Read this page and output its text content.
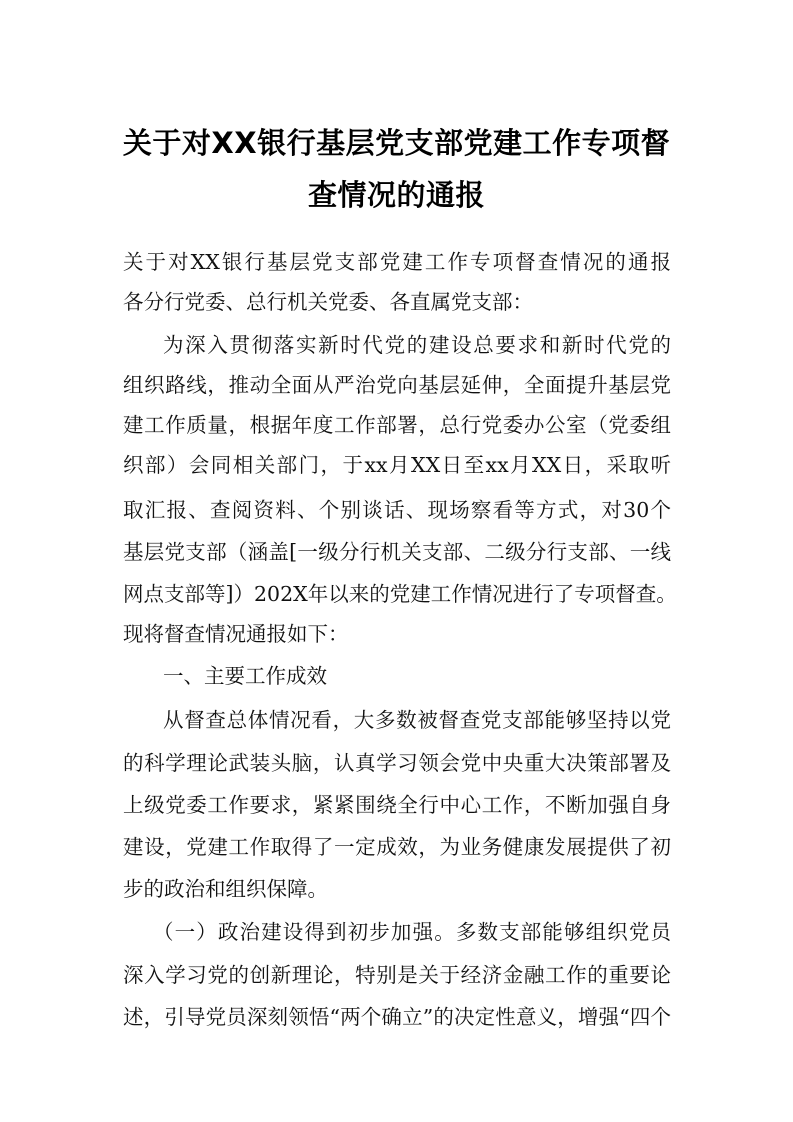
关于对XX银行基层党支部党建工作专项督
查情况的通报

关于对XX银行基层党支部党建工作专项督查情况的通报

各分行党委、总行机关党委、各直属党支部：

为深入贯彻落实新时代党的建设总要求和新时代党的

组织路线，推动全面从严治党向基层延伸，全面提升基层党

建工作质量，根据年度工作部署，总行党委办公室（党委组

织部）会同相关部门，于xx月XX日至xx月XX日，采取听

取汇报、查阅资料、个别谈话、现场察看等方式，对30个

基层党支部（涵盖[一级分行机关支部、二级分行支部、一线

网点支部等]）202X年以来的党建工作情况进行了专项督查。

现将督查情况通报如下：

一、主要工作成效

从督查总体情况看，大多数被督查党支部能够坚持以党

的科学理论武装头脑，认真学习领会党中央重大决策部署及

上级党委工作要求，紧紧围绕全行中心工作，不断加强自身

建设，党建工作取得了一定成效，为业务健康发展提供了初

步的政治和组织保障。

（一）政治建设得到初步加强。多数支部能够组织党员

深入学习党的创新理论，特别是关于经济金融工作的重要论

述，引导党员深刻领悟“两个确立”的决定性意义，增强“四个
